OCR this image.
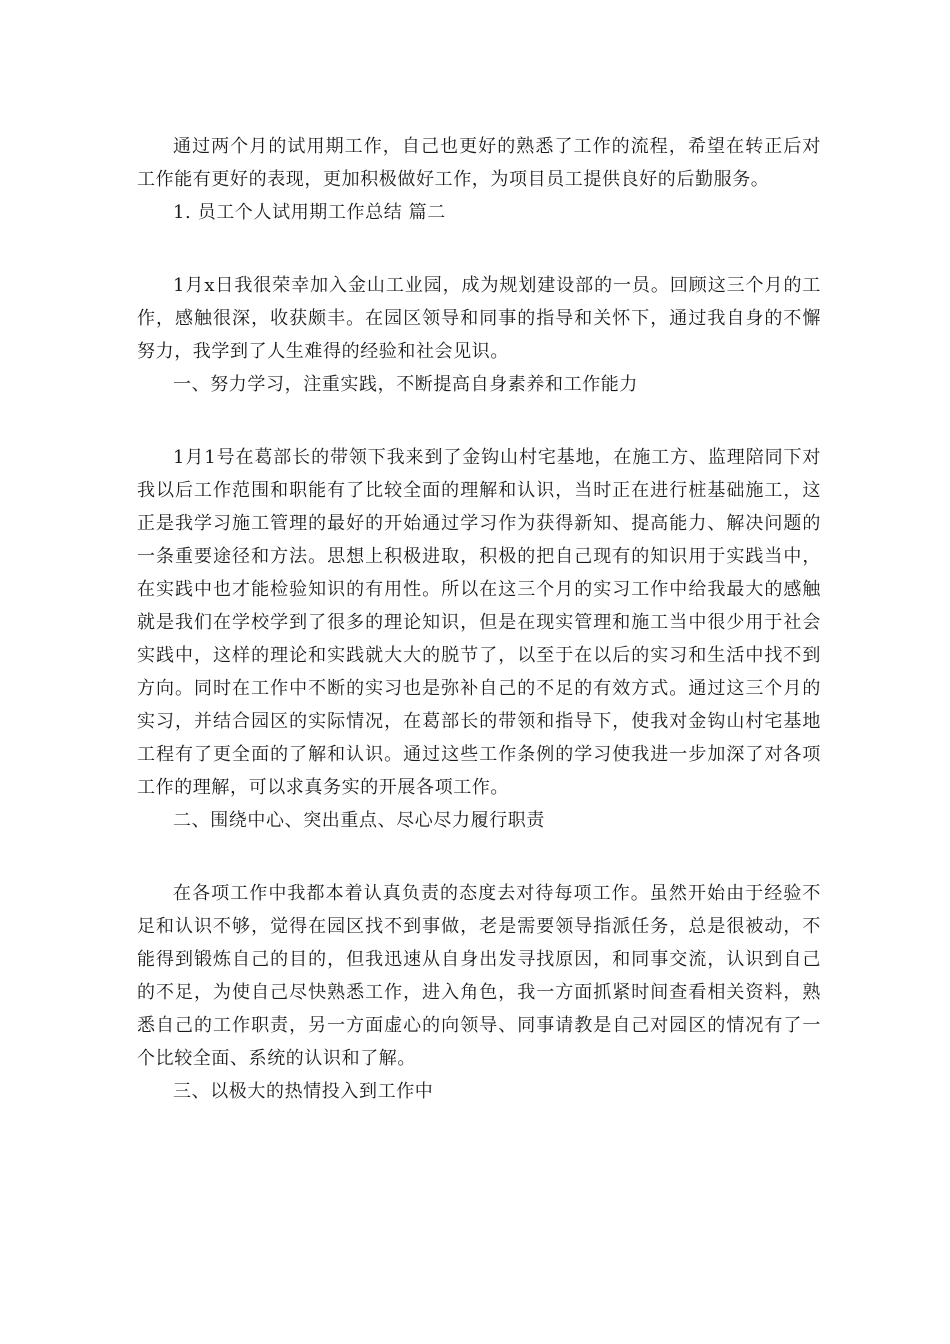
通过两个月的试用期工作，自己也更好的熟悉了工作的流程，希望在转正后对工作能有更好的表现，更加积极做好工作，为项目员工提供良好的后勤服务。

1. 员工个人试用期工作总结 篇二

1月x日我很荣幸加入金山工业园，成为规划建设部的一员。回顾这三个月的工作，感触很深，收获颇丰。在园区领导和同事的指导和关怀下，通过我自身的不懈努力，我学到了人生难得的经验和社会见识。

一、努力学习，注重实践，不断提高自身素养和工作能力

1月1号在葛部长的带领下我来到了金钩山村宅基地，在施工方、监理陪同下对我以后工作范围和职能有了比较全面的理解和认识，当时正在进行桩基础施工，这正是我学习施工管理的最好的开始通过学习作为获得新知、提高能力、解决问题的一条重要途径和方法。思想上积极进取，积极的把自己现有的知识用于实践当中，在实践中也才能检验知识的有用性。所以在这三个月的实习工作中给我最大的感触就是我们在学校学到了很多的理论知识，但是在现实管理和施工当中很少用于社会实践中，这样的理论和实践就大大的脱节了，以至于在以后的实习和生活中找不到方向。同时在工作中不断的实习也是弥补自己的不足的有效方式。通过这三个月的实习，并结合园区的实际情况，在葛部长的带领和指导下，使我对金钩山村宅基地工程有了更全面的了解和认识。通过这些工作条例的学习使我进一步加深了对各项工作的理解，可以求真务实的开展各项工作。

二、围绕中心、突出重点、尽心尽力履行职责

在各项工作中我都本着认真负责的态度去对待每项工作。虽然开始由于经验不足和认识不够，觉得在园区找不到事做，老是需要领导指派任务，总是很被动，不能得到锻炼自己的目的，但我迅速从自身出发寻找原因，和同事交流，认识到自己的不足，为使自己尽快熟悉工作，进入角色，我一方面抓紧时间查看相关资料，熟悉自己的工作职责，另一方面虚心的向领导、同事请教是自己对园区的情况有了一个比较全面、系统的认识和了解。

三、以极大的热情投入到工作中
